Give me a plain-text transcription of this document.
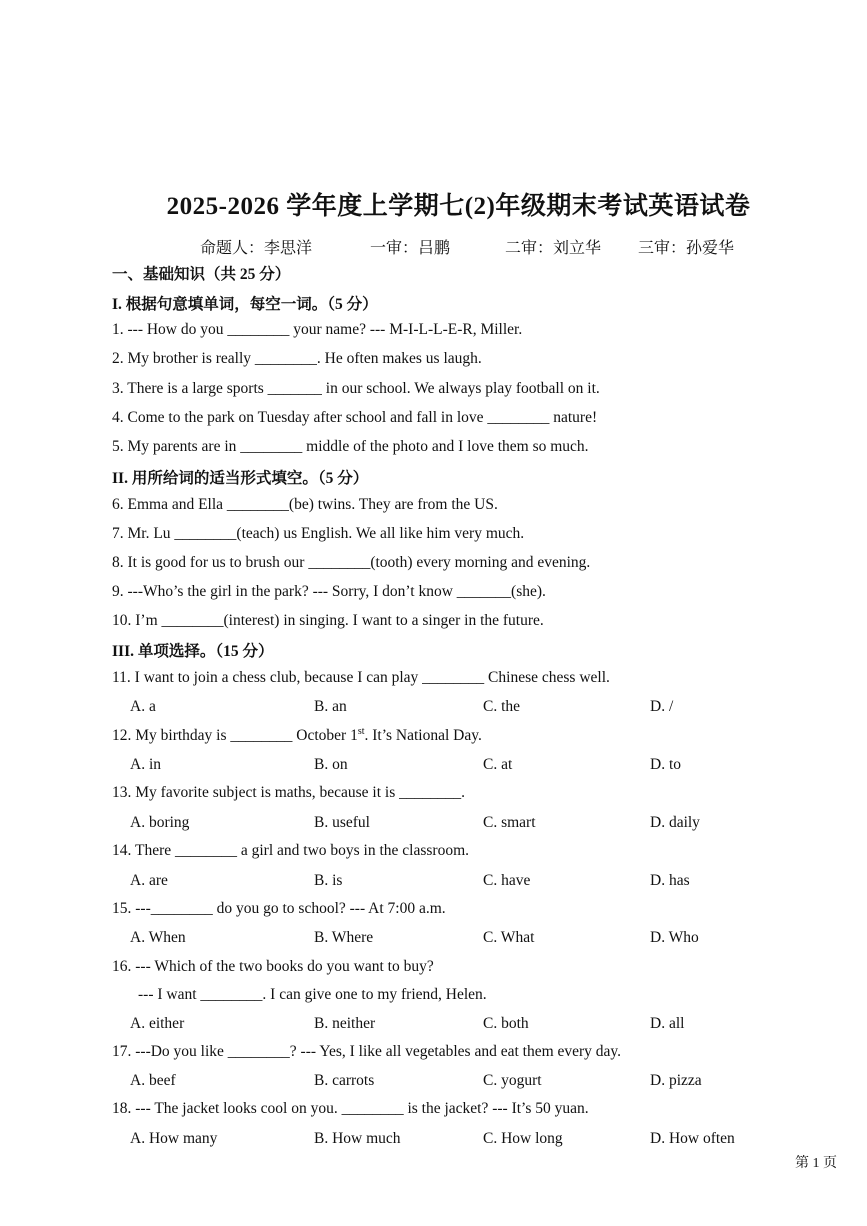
2025-2026 学年度上学期七(2)年级期末考试英语试卷
命题人：李思洋	一审：吕鹏	二审：刘立华	三审：孙爱华
一、基础知识（共 25 分）
I. 根据句意填单词，每空一词。（5 分）
1. --- How do you ________ your name? --- M-I-L-L-E-R, Miller.
2. My brother is really ________. He often makes us laugh.
3. There is a large sports _______ in our school. We always play football on it.
4. Come to the park on Tuesday after school and fall in love ________ nature!
5. My parents are in ________ middle of the photo and I love them so much.
II. 用所给词的适当形式填空。（5 分）
6. Emma and Ella ________(be) twins. They are from the US.
7. Mr. Lu ________(teach) us English. We all like him very much.
8. It is good for us to brush our ________(tooth) every morning and evening.
9. ---Who’s the girl in the park? --- Sorry, I don’t know _______(she).
10. I’m ________(interest) in singing. I want to a singer in the future.
III. 单项选择。（15 分）
11. I want to join a chess club, because I can play ________ Chinese chess well.
A. a	B. an	C. the	D. /
12. My birthday is ________ October 1st. It’s National Day.
A. in	B. on	C. at	D. to
13. My favorite subject is maths, because it is ________.
A. boring	B. useful	C. smart	D. daily
14. There ________ a girl and two boys in the classroom.
A. are	B. is	C. have	D. has
15. ---________ do you go to school? --- At 7:00 a.m.
A. When	B. Where	C. What	D. Who
16. --- Which of the two books do you want to buy?
--- I want ________. I can give one to my friend, Helen.
A. either	B. neither	C. both	D. all
17. ---Do you like ________? --- Yes, I like all vegetables and eat them every day.
A. beef	B. carrots	C. yogurt	D. pizza
18. --- The jacket looks cool on you. ________ is the jacket? --- It’s 50 yuan.
A. How many	B. How much	C. How long	D. How often
第 1 页
